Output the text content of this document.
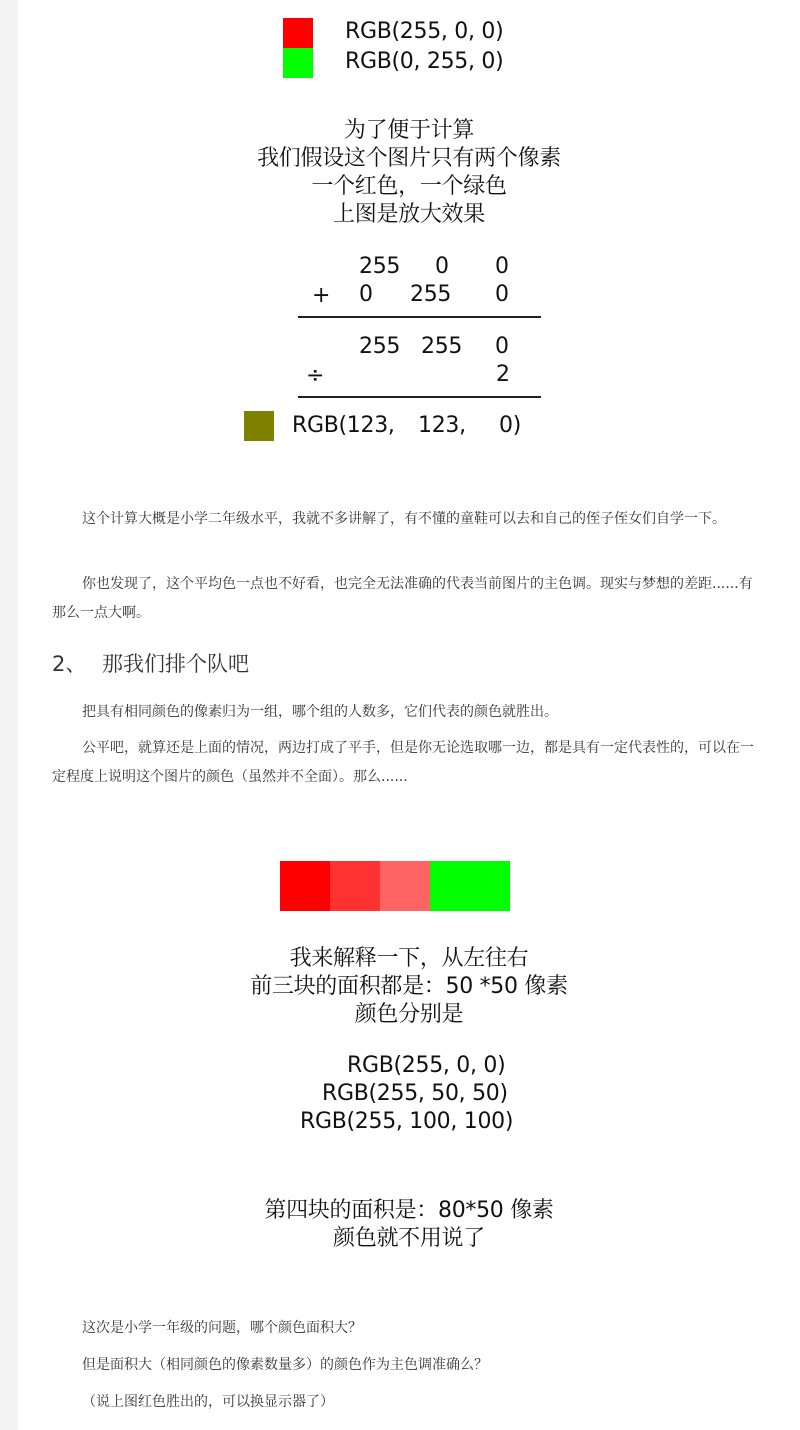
RGB(255, 0, 0)
RGB(0, 255, 0)
为了便于计算
我们假设这个图片只有两个像素
一个红色，一个绿色
上图是放大效果
255 0 0
+ 0 255 0
255 255 0
÷	2
RGB(123, 123, 0)
这个计算大概是小学二年级水平，我就不多讲解了，有不懂的童鞋可以去和自己的侄子侄女们自学一下。
你也发现了，这个平均色一点也不好看，也完全无法准确的代表当前图片的主色调。现实与梦想的差距......有那么一点大啊。
2、 那我们排个队吧
把具有相同颜色的像素归为一组，哪个组的人数多，它们代表的颜色就胜出。
公平吧，就算还是上面的情况，两边打成了平手，但是你无论选取哪一边，都是具有一定代表性的，可以在一定程度上说明这个图片的颜色（虽然并不全面）。那么......
我来解释一下，从左往右
前三块的面积都是：50 *50 像素
颜色分别是
RGB(255, 0, 0)
RGB(255, 50, 50)
RGB(255, 100, 100)
第四块的面积是：80*50 像素
颜色就不用说了
这次是小学一年级的问题，哪个颜色面积大？
但是面积大（相同颜色的像素数量多）的颜色作为主色调准确么？
（说上图红色胜出的，可以换显示器了）
